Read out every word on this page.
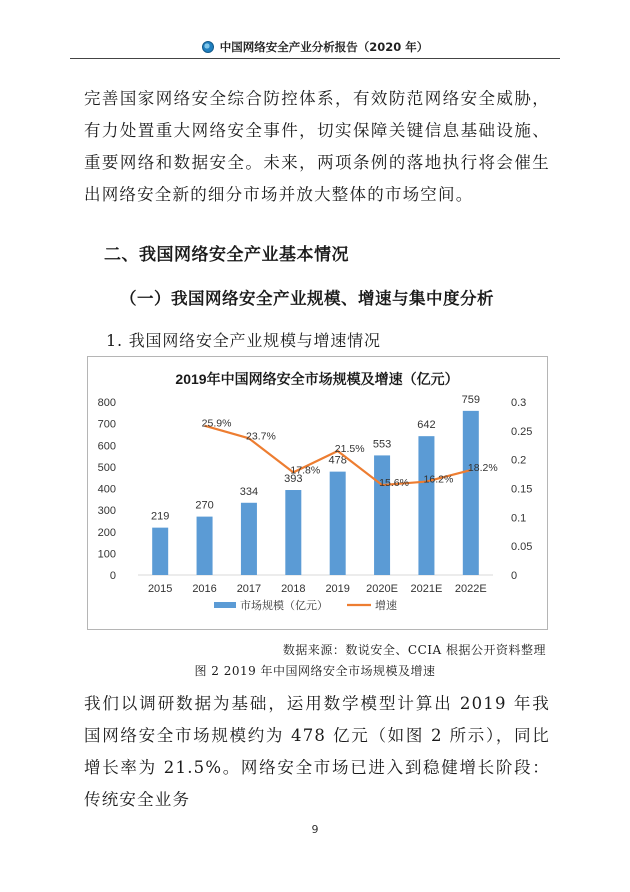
中国网络安全产业分析报告（2020 年）

完善国家网络安全综合防控体系，有效防范网络安全威胁，有力处置重大网络安全事件，切实保障关键信息基础设施、重要网络和数据安全。未来，两项条例的落地执行将会催生出网络安全新的细分市场并放大整体的市场空间。

二、我国网络安全产业基本情况
（一）我国网络安全产业规模、增速与集中度分析

1. 我国网络安全产业规模与增速情况

2019年中国网络安全市场规模及增速（亿元）
0
100
200
300
400
500
600
700
800
0
0.05
0.1
0.15
0.2
0.25
0.3
219
2015
270
2016
334
2017
393
2018
478
2019
553
2020E
642
2021E
759
2022E
25.9%
23.7%
17.8%
21.5%
15.6% 16.2%
18.2%
市场规模（亿元）	增速

数据来源：数说安全、CCIA 根据公开资料整理

图 2 2019 年中国网络安全市场规模及增速

我们以调研数据为基础，运用数学模型计算出 2019 年我国网络安全市场规模约为 478 亿元（如图 2 所示），同比增长率为 21.5%。网络安全市场已进入到稳健增长阶段：传统安全业务

9
